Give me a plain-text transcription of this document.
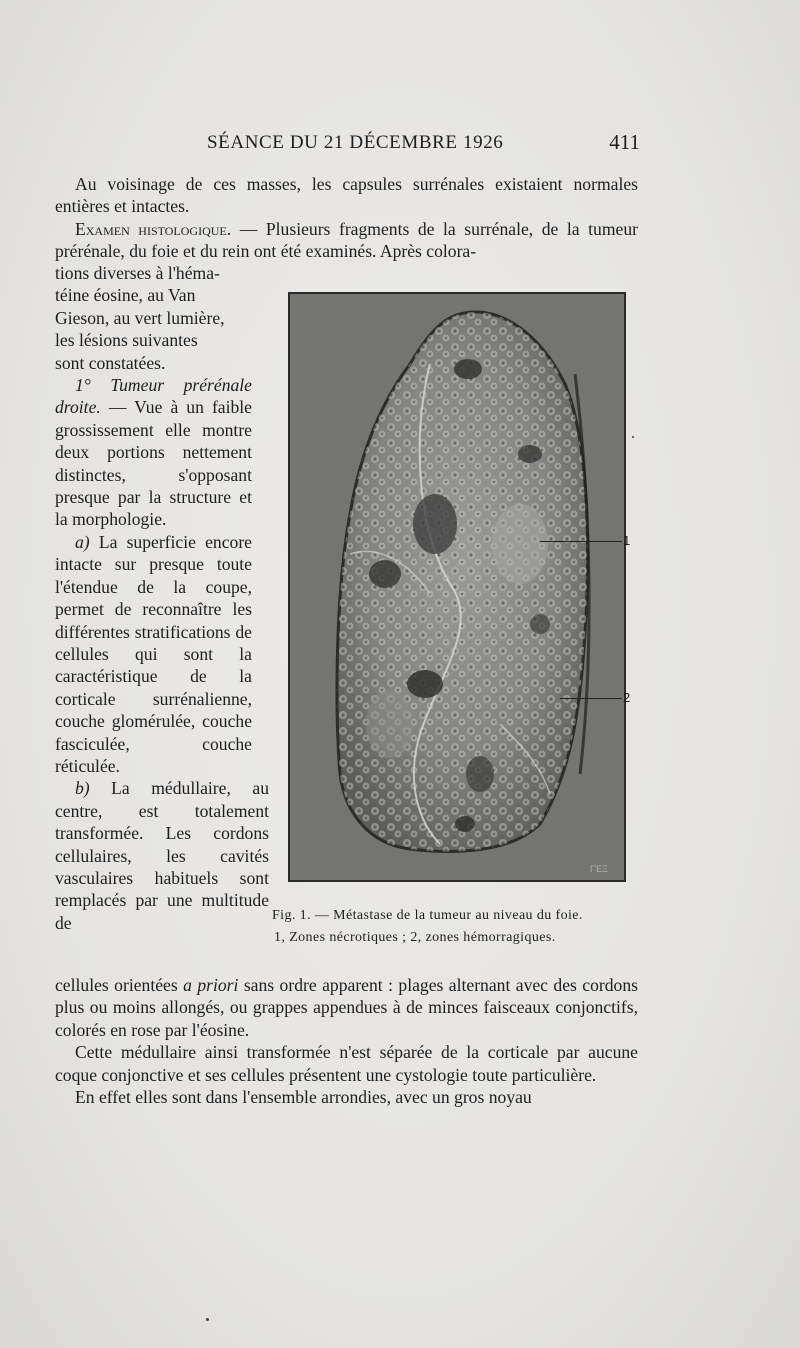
SÉANCE DU 21 DÉCEMBRE 1926	411

Au voisinage de ces masses, les capsules surrénales existaient normales entières et intactes.

Examen histologique. — Plusieurs fragments de la surrénale, de la tumeur prérénale, du foie et du rein ont été examinés. Après colora-

tions diverses à l'héma-

téine éosine, au Van

Gieson, au vert lumière,

les lésions suivantes

sont constatées.

1° Tumeur prérénale droite. — Vue à un faible grossissement elle montre deux portions nettement distinctes, s'opposant presque par la structure et la morphologie.

a) La superficie encore intacte sur presque toute l'étendue de la coupe, permet de reconnaître les différentes stratifications de cellules qui sont la caractéristique de la corticale surrénalienne, couche glomérulée, couche fasciculée, couche réticulée.

b) La médullaire, au centre, est totalement transformée. Les cordons cellulaires, les cavités vasculaires habituels sont remplacés par une multitude de

ΓΈΞ
1
2
Fig. 1. — Métastase de la tumeur au niveau du foie.
1, Zones nécrotiques ; 2, zones hémorragiques.

cellules orientées a priori sans ordre apparent : plages alternant avec des cordons plus ou moins allongés, ou grappes appendues à de minces faisceaux conjonctifs, colorés en rose par l'éosine.

Cette médullaire ainsi transformée n'est séparée de la corticale par aucune coque conjonctive et ses cellules présentent une cystologie toute particulière.

En effet elles sont dans l'ensemble arrondies, avec un gros noyau
